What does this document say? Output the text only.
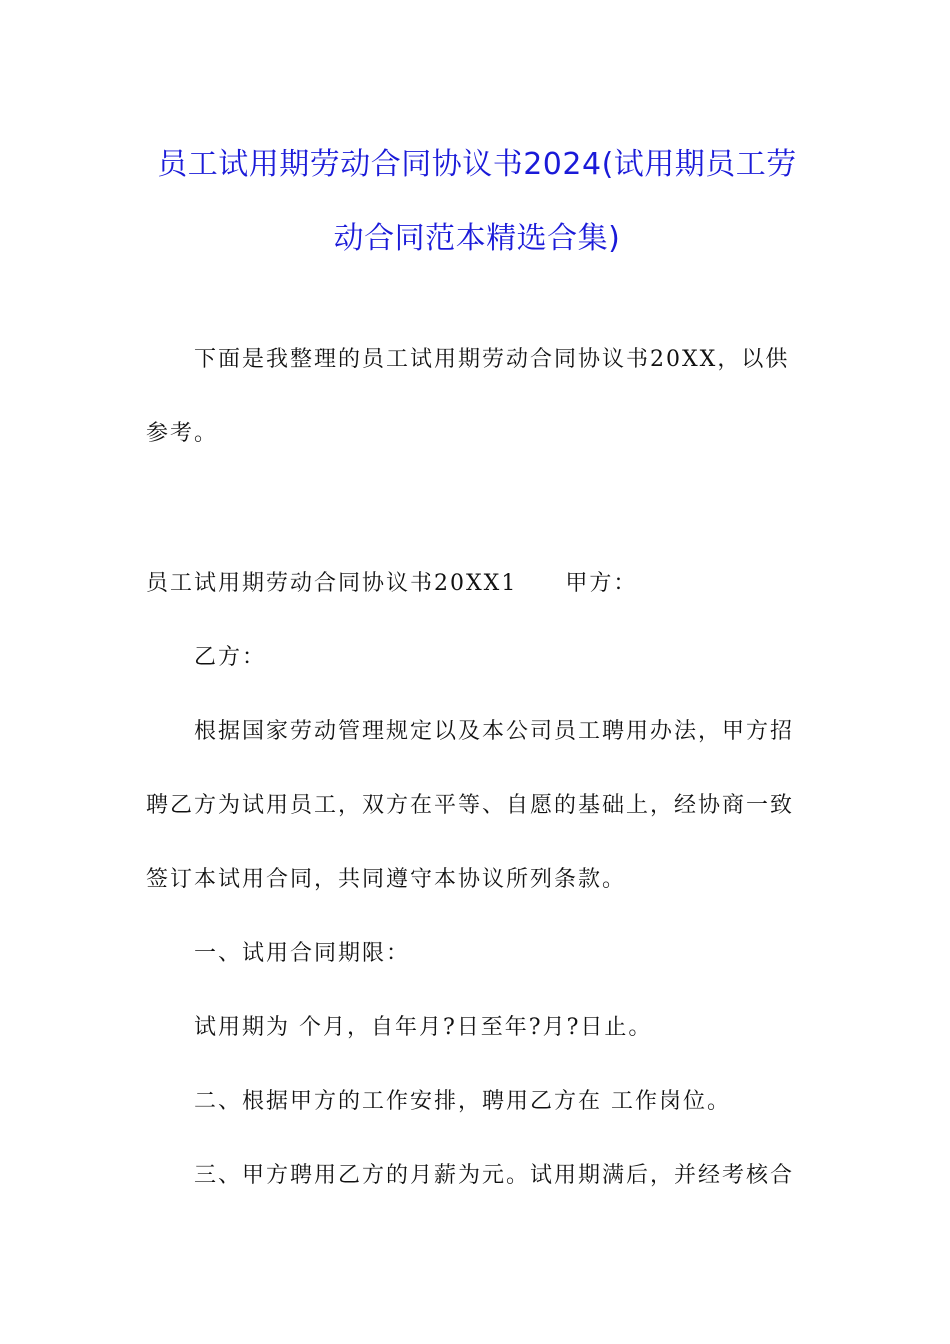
员工试用期劳动合同协议书2024(试用期员工劳动合同范本精选合集)
下面是我整理的员工试用期劳动合同协议书20XX，以供参考。
员工试用期劳动合同协议书20XX1 甲方：
乙方：
根据国家劳动管理规定以及本公司员工聘用办法，甲方招聘乙方为试用员工，双方在平等、自愿的基础上，经协商一致签订本试用合同，共同遵守本协议所列条款。
一、试用合同期限：
试用期为 个月，自年月?日至年?月?日止。
二、根据甲方的工作安排，聘用乙方在 工作岗位。
三、甲方聘用乙方的月薪为元。试用期满后，并经考核合
